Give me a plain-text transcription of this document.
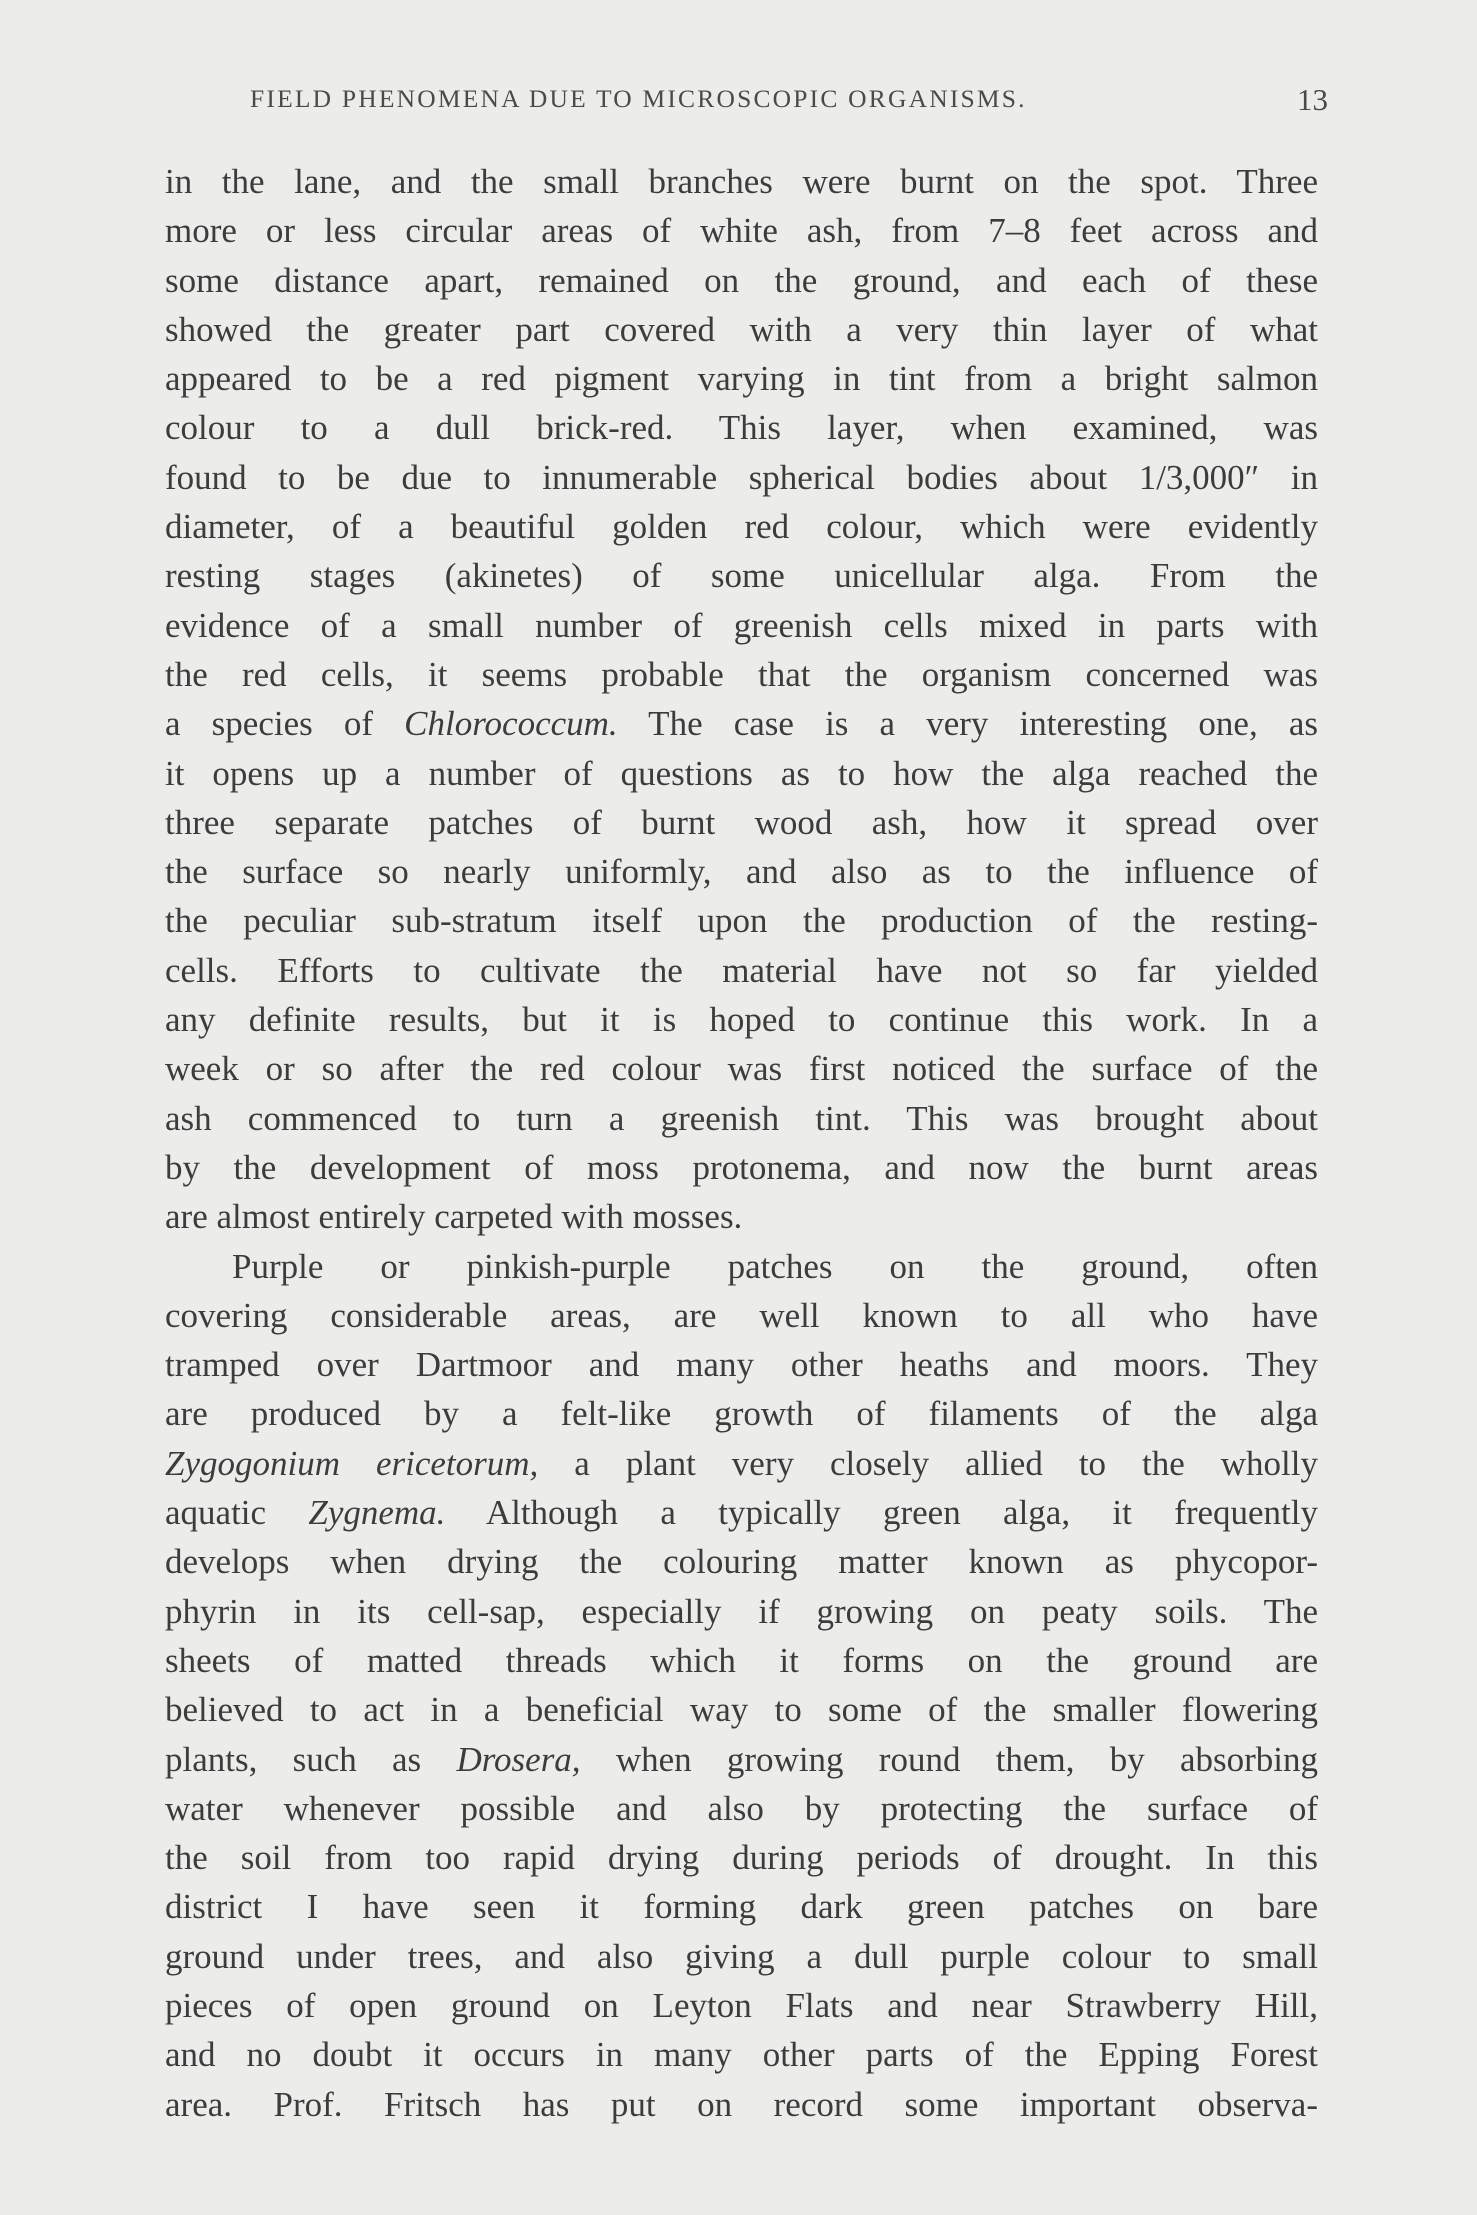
FIELD PHENOMENA DUE TO MICROSCOPIC ORGANISMS.	13
in the lane, and the small branches were burnt on the spot. Three
more or less circular areas of white ash, from 7–8 feet across and
some distance apart, remained on the ground, and each of these
showed the greater part covered with a very thin layer of what
appeared to be a red pigment varying in tint from a bright salmon
colour to a dull brick-red. This layer, when examined, was
found to be due to innumerable spherical bodies about 1/3,000″ in
diameter, of a beautiful golden red colour, which were evidently
resting stages (akinetes) of some unicellular alga. From the
evidence of a small number of greenish cells mixed in parts with
the red cells, it seems probable that the organism concerned was
a species of Chlorococcum. The case is a very interesting one, as
it opens up a number of questions as to how the alga reached the
three separate patches of burnt wood ash, how it spread over
the surface so nearly uniformly, and also as to the influence of
the peculiar sub-stratum itself upon the production of the resting-
cells. Efforts to cultivate the material have not so far yielded
any definite results, but it is hoped to continue this work. In a
week or so after the red colour was first noticed the surface of the
ash commenced to turn a greenish tint. This was brought about
by the development of moss protonema, and now the burnt areas
are almost entirely carpeted with mosses.
Purple or pinkish-purple patches on the ground, often
covering considerable areas, are well known to all who have
tramped over Dartmoor and many other heaths and moors. They
are produced by a felt-like growth of filaments of the alga
Zygogonium ericetorum, a plant very closely allied to the wholly
aquatic Zygnema. Although a typically green alga, it frequently
develops when drying the colouring matter known as phycopor-
phyrin in its cell-sap, especially if growing on peaty soils. The
sheets of matted threads which it forms on the ground are
believed to act in a beneficial way to some of the smaller flowering
plants, such as Drosera, when growing round them, by absorbing
water whenever possible and also by protecting the surface of
the soil from too rapid drying during periods of drought. In this
district I have seen it forming dark green patches on bare
ground under trees, and also giving a dull purple colour to small
pieces of open ground on Leyton Flats and near Strawberry Hill,
and no doubt it occurs in many other parts of the Epping Forest
area. Prof. Fritsch has put on record some important observa-
